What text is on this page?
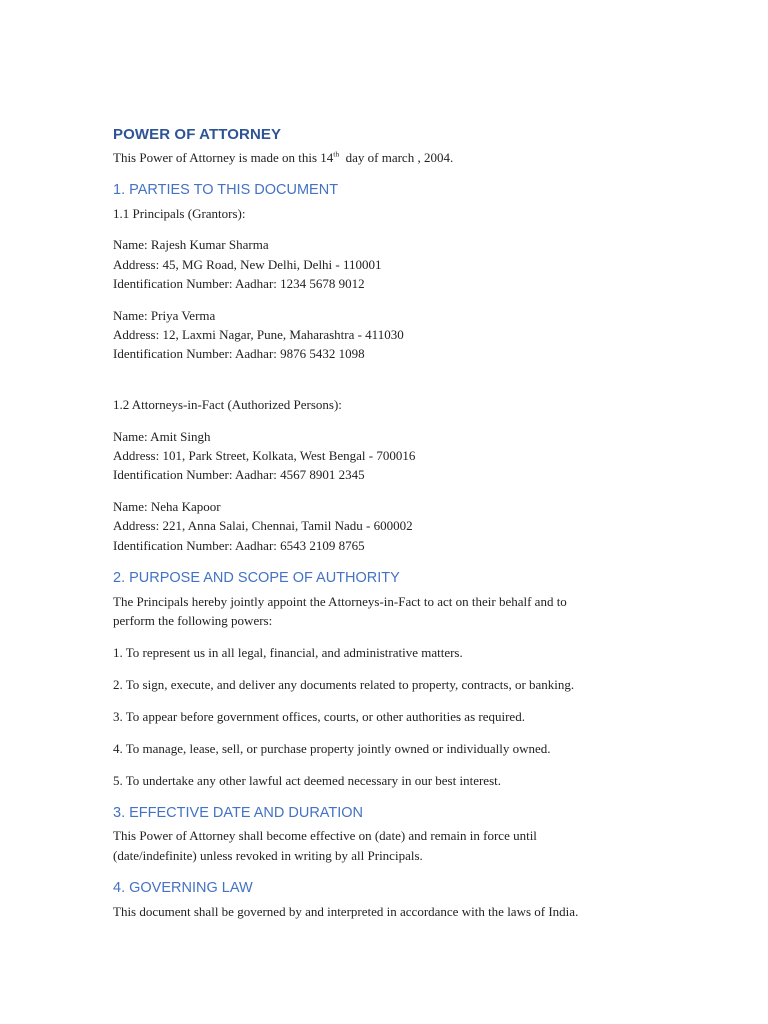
POWER OF ATTORNEY

This Power of Attorney is made on this 14th  day of march , 2004.

1. PARTIES TO THIS DOCUMENT

1.1 Principals (Grantors):

Name: Rajesh Kumar Sharma

Address: 45, MG Road, New Delhi, Delhi - 110001

Identification Number: Aadhar: 1234 5678 9012

Name: Priya Verma

Address: 12, Laxmi Nagar, Pune, Maharashtra - 411030

Identification Number: Aadhar: 9876 5432 1098

1.2 Attorneys-in-Fact (Authorized Persons):

Name: Amit Singh

Address: 101, Park Street, Kolkata, West Bengal - 700016

Identification Number: Aadhar: 4567 8901 2345

Name: Neha Kapoor

Address: 221, Anna Salai, Chennai, Tamil Nadu - 600002

Identification Number: Aadhar: 6543 2109 8765

2. PURPOSE AND SCOPE OF AUTHORITY

The Principals hereby jointly appoint the Attorneys-in-Fact to act on their behalf and to

perform the following powers:

1. To represent us in all legal, financial, and administrative matters.

2. To sign, execute, and deliver any documents related to property, contracts, or banking.

3. To appear before government offices, courts, or other authorities as required.

4. To manage, lease, sell, or purchase property jointly owned or individually owned.

5. To undertake any other lawful act deemed necessary in our best interest.

3. EFFECTIVE DATE AND DURATION

This Power of Attorney shall become effective on (date) and remain in force until

(date/indefinite) unless revoked in writing by all Principals.

4. GOVERNING LAW

This document shall be governed by and interpreted in accordance with the laws of India.
